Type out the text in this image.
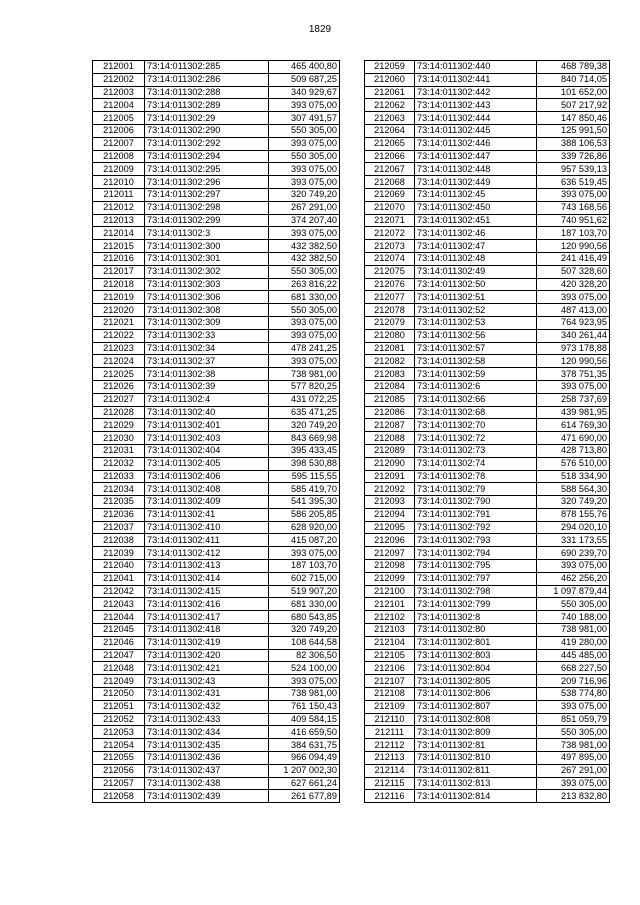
1829
212001	73:14:011302:285	465 400,80
212002	73:14:011302:286	509 687,25
212003	73:14:011302:288	340 929,67
212004	73:14:011302:289	393 075,00
212005	73:14:011302:29	307 491,57
212006	73:14:011302:290	550 305,00
212007	73:14:011302:292	393 075,00
212008	73:14:011302:294	550 305,00
212009	73:14:011302:295	393 075,00
212010	73:14:011302:296	393 075,00
212011	73:14:011302:297	320 749,20
212012	73:14:011302:298	267 291,00
212013	73:14:011302:299	374 207,40
212014	73:14:011302:3	393 075,00
212015	73:14:011302:300	432 382,50
212016	73:14:011302:301	432 382,50
212017	73:14:011302:302	550 305,00
212018	73:14:011302:303	263 816,22
212019	73:14:011302:306	681 330,00
212020	73:14:011302:308	550 305,00
212021	73:14:011302:309	393 075,00
212022	73:14:011302:33	393 075,00
212023	73:14:011302:34	478 241,25
212024	73:14:011302:37	393 075,00
212025	73:14:011302:38	738 981,00
212026	73:14:011302:39	577 820,25
212027	73:14:011302:4	431 072,25
212028	73:14:011302:40	635 471,25
212029	73:14:011302:401	320 749,20
212030	73:14:011302:403	843 669,98
212031	73:14:011302:404	395 433,45
212032	73:14:011302:405	398 530,88
212033	73:14:011302:406	595 115,55
212034	73:14:011302:408	585 419,70
212035	73:14:011302:409	541 395,30
212036	73:14:011302:41	586 205,85
212037	73:14:011302:410	628 920,00
212038	73:14:011302:411	415 087,20
212039	73:14:011302:412	393 075,00
212040	73:14:011302:413	187 103,70
212041	73:14:011302:414	602 715,00
212042	73:14:011302:415	519 907,20
212043	73:14:011302:416	681 330,00
212044	73:14:011302:417	680 543,85
212045	73:14:011302:418	320 749,20
212046	73:14:011302:419	108 644,58
212047	73:14:011302:420	82 306,50
212048	73:14:011302:421	524 100,00
212049	73:14:011302:43	393 075,00
212050	73:14:011302:431	738 981,00
212051	73:14:011302:432	761 150,43
212052	73:14:011302:433	409 584,15
212053	73:14:011302:434	416 659,50
212054	73:14:011302:435	384 631,75
212055	73:14:011302:436	966 094,49
212056	73:14:011302:437	1 207 002,30
212057	73:14:011302:438	627 661,24
212058	73:14:011302:439	261 677,89
212059	73:14:011302:440	468 789,38
212060	73:14:011302:441	840 714,05
212061	73:14:011302:442	101 652,00
212062	73:14:011302:443	507 217,92
212063	73:14:011302:444	147 850,46
212064	73:14:011302:445	125 991,50
212065	73:14:011302:446	388 106,53
212066	73:14:011302:447	339 726,86
212067	73:14:011302:448	957 539,13
212068	73:14:011302:449	636 519,45
212069	73:14:011302:45	393 075,00
212070	73:14:011302:450	743 168,56
212071	73:14:011302:451	740 951,62
212072	73:14:011302:46	187 103,70
212073	73:14:011302:47	120 990,56
212074	73:14:011302:48	241 416,49
212075	73:14:011302:49	507 328,60
212076	73:14:011302:50	420 328,20
212077	73:14:011302:51	393 075,00
212078	73:14:011302:52	487 413,00
212079	73:14:011302:53	764 923,95
212080	73:14:011302:56	340 261,44
212081	73:14:011302:57	973 178,88
212082	73:14:011302:58	120 990,56
212083	73:14:011302:59	378 751,35
212084	73:14:011302:6	393 075,00
212085	73:14:011302:66	258 737,69
212086	73:14:011302:68	439 981,95
212087	73:14:011302:70	614 769,30
212088	73:14:011302:72	471 690,00
212089	73:14:011302:73	428 713,80
212090	73:14:011302:74	576 510,00
212091	73:14:011302:78	518 334,90
212092	73:14:011302:79	588 564,30
212093	73:14:011302:790	320 749,20
212094	73:14:011302:791	878 155,76
212095	73:14:011302:792	294 020,10
212096	73:14:011302:793	331 173,55
212097	73:14:011302:794	690 239,70
212098	73:14:011302:795	393 075,00
212099	73:14:011302:797	462 256,20
212100	73:14:011302:798	1 097 879,44
212101	73:14:011302:799	550 305,00
212102	73:14:011302:8	740 188,00
212103	73:14:011302:80	738 981,00
212104	73:14:011302:801	419 280,00
212105	73:14:011302:803	445 485,00
212106	73:14:011302:804	668 227,50
212107	73:14:011302:805	209 716,96
212108	73:14:011302:806	538 774,80
212109	73:14:011302:807	393 075,00
212110	73:14:011302:808	851 059,79
212111	73:14:011302:809	550 305,00
212112	73:14:011302:81	738 981,00
212113	73:14:011302:810	497 895,00
212114	73:14:011302:811	267 291,00
212115	73:14:011302:813	393 075,00
212116	73:14:011302:814	213 832,80
